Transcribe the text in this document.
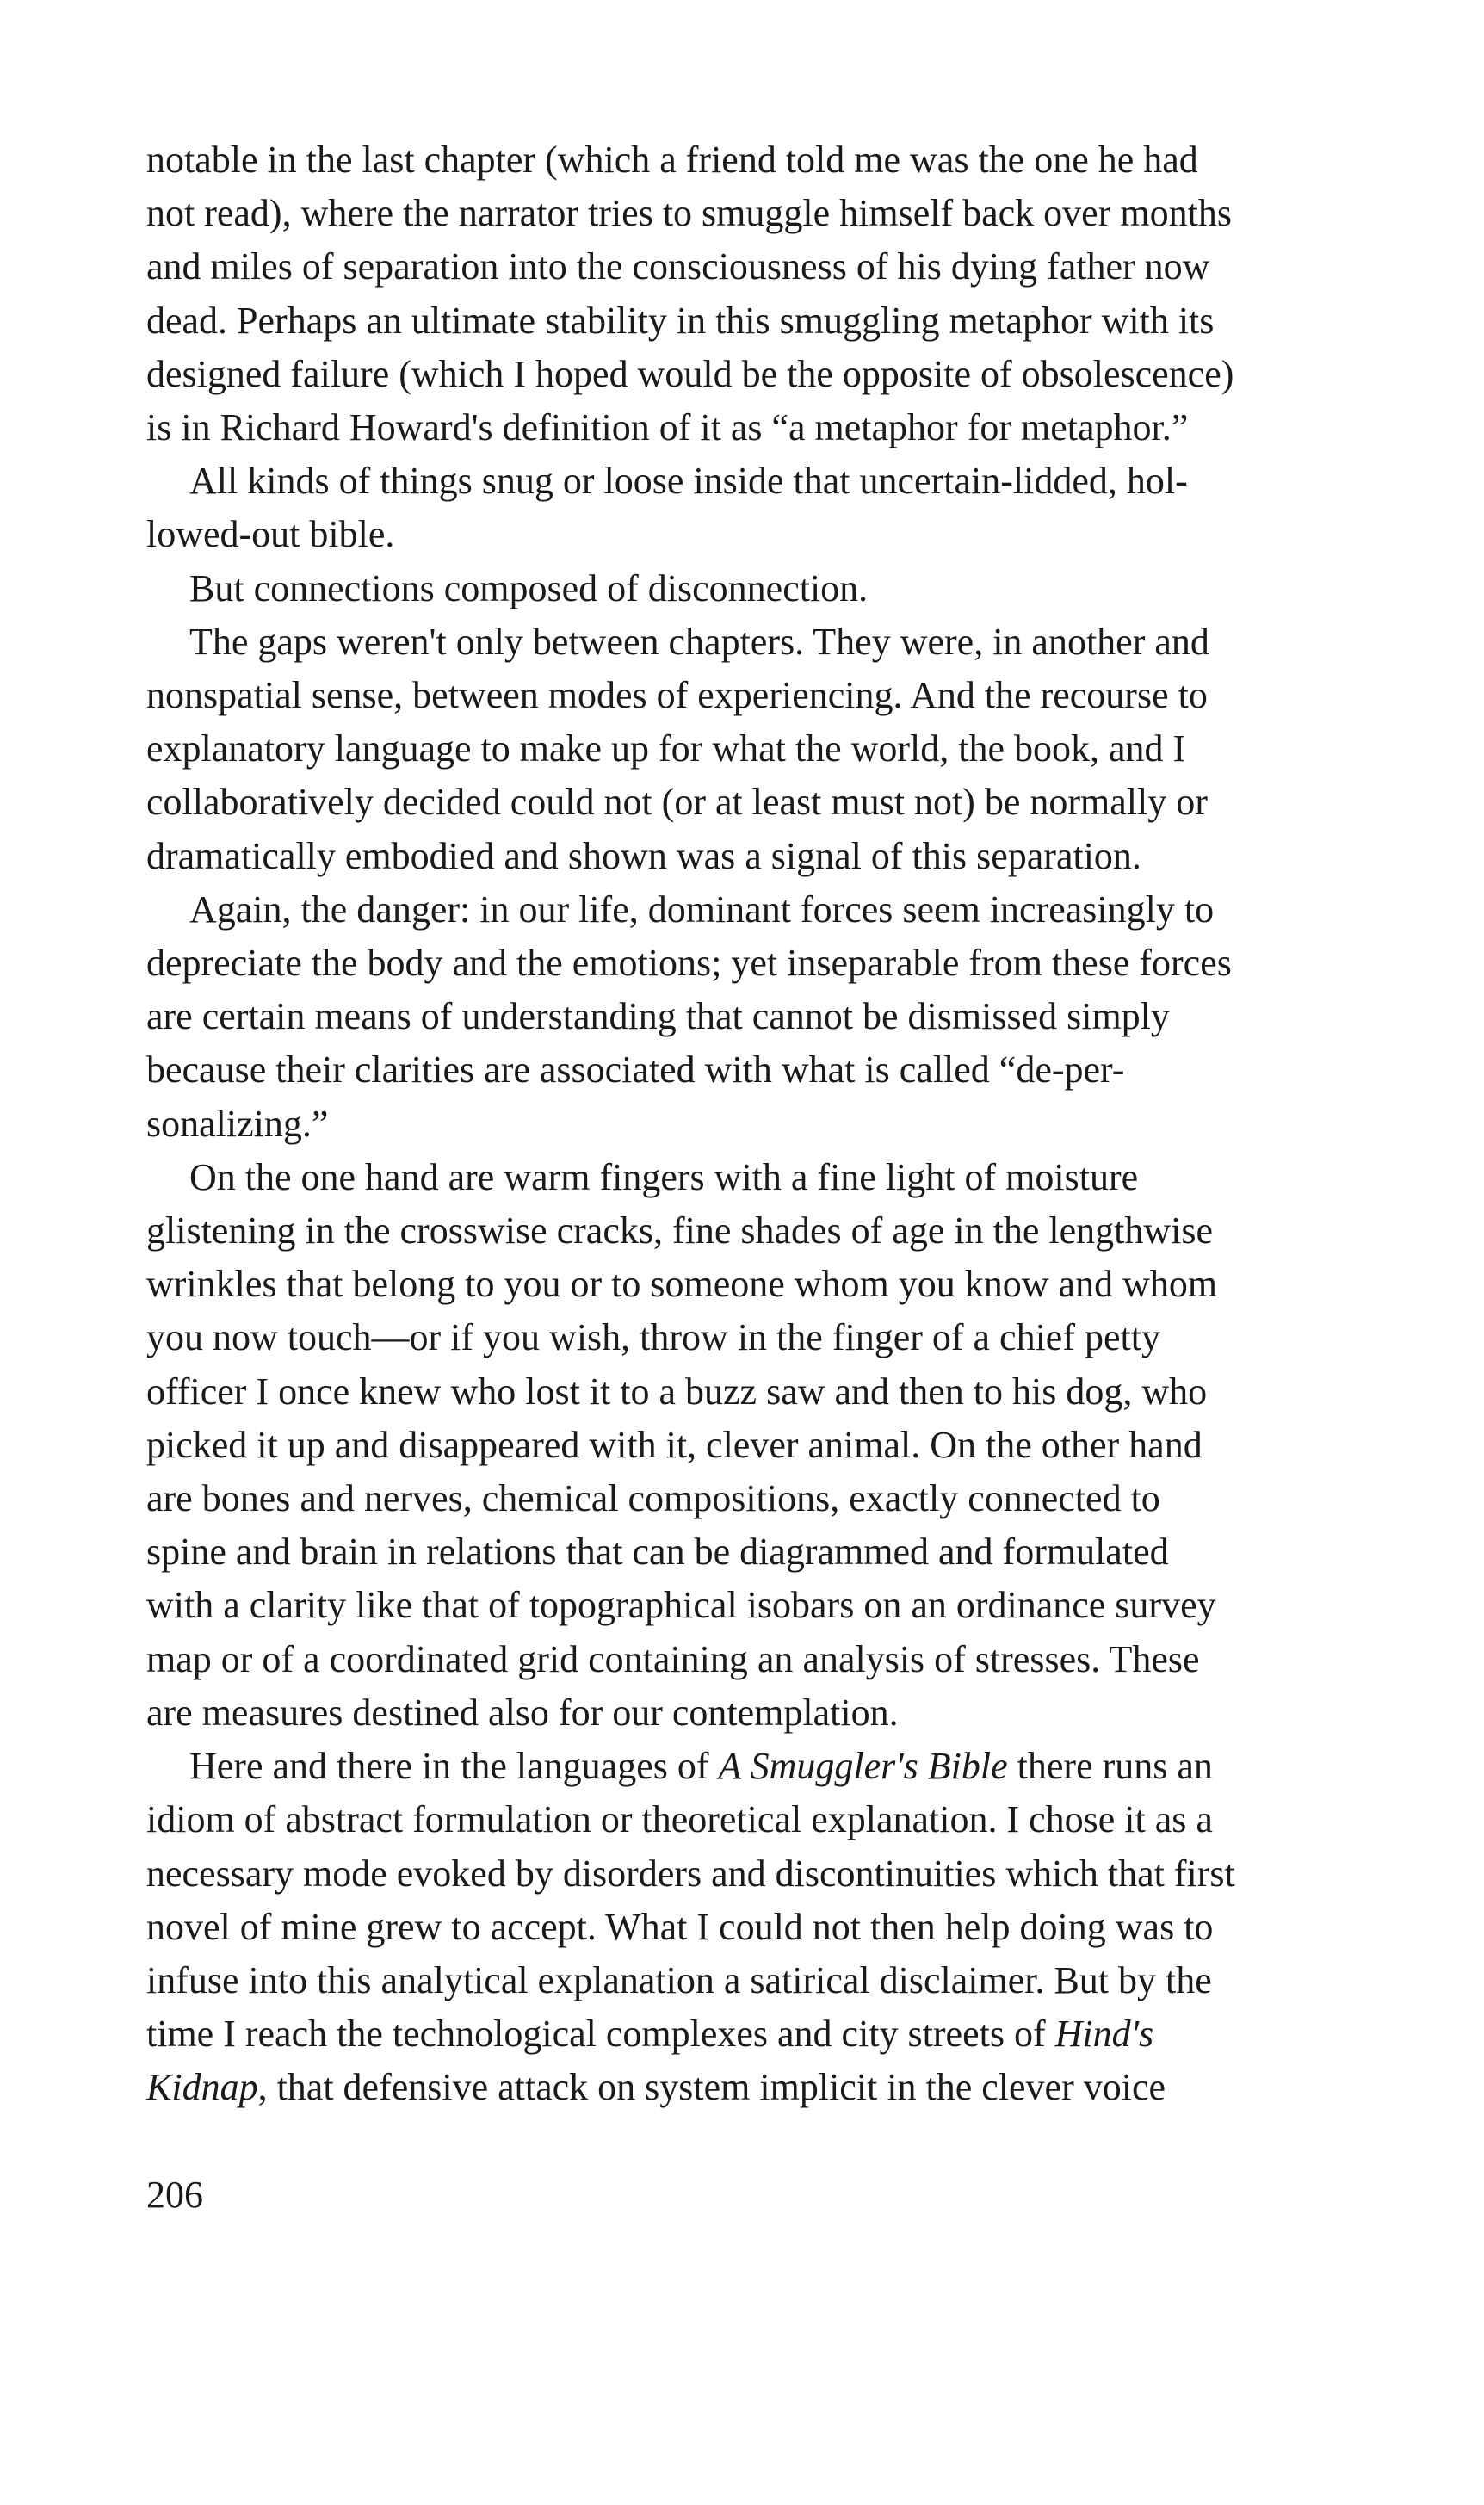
notable in the last chapter (which a friend told me was the one he had
not read), where the narrator tries to smuggle himself back over months
and miles of separation into the consciousness of his dying father now
dead. Perhaps an ultimate stability in this smuggling metaphor with its
designed failure (which I hoped would be the opposite of obsolescence)
is in Richard Howard's definition of it as “a metaphor for metaphor.”

All kinds of things snug or loose inside that uncertain-lidded, hol-
lowed-out bible.

But connections composed of disconnection.

The gaps weren't only between chapters. They were, in another and
nonspatial sense, between modes of experiencing. And the recourse to
explanatory language to make up for what the world, the book, and I
collaboratively decided could not (or at least must not) be normally or
dramatically embodied and shown was a signal of this separation.

Again, the danger: in our life, dominant forces seem increasingly to
depreciate the body and the emotions; yet inseparable from these forces
are certain means of understanding that cannot be dismissed simply
because their clarities are associated with what is called “de-per-
sonalizing.”

On the one hand are warm fingers with a fine light of moisture
glistening in the crosswise cracks, fine shades of age in the lengthwise
wrinkles that belong to you or to someone whom you know and whom
you now touch—or if you wish, throw in the finger of a chief petty
officer I once knew who lost it to a buzz saw and then to his dog, who
picked it up and disappeared with it, clever animal. On the other hand
are bones and nerves, chemical compositions, exactly connected to
spine and brain in relations that can be diagrammed and formulated
with a clarity like that of topographical isobars on an ordinance survey
map or of a coordinated grid containing an analysis of stresses. These
are measures destined also for our contemplation.

Here and there in the languages of A Smuggler's Bible there runs an
idiom of abstract formulation or theoretical explanation. I chose it as a
necessary mode evoked by disorders and discontinuities which that first
novel of mine grew to accept. What I could not then help doing was to
infuse into this analytical explanation a satirical disclaimer. But by the
time I reach the technological complexes and city streets of Hind's
Kidnap, that defensive attack on system implicit in the clever voice

206
